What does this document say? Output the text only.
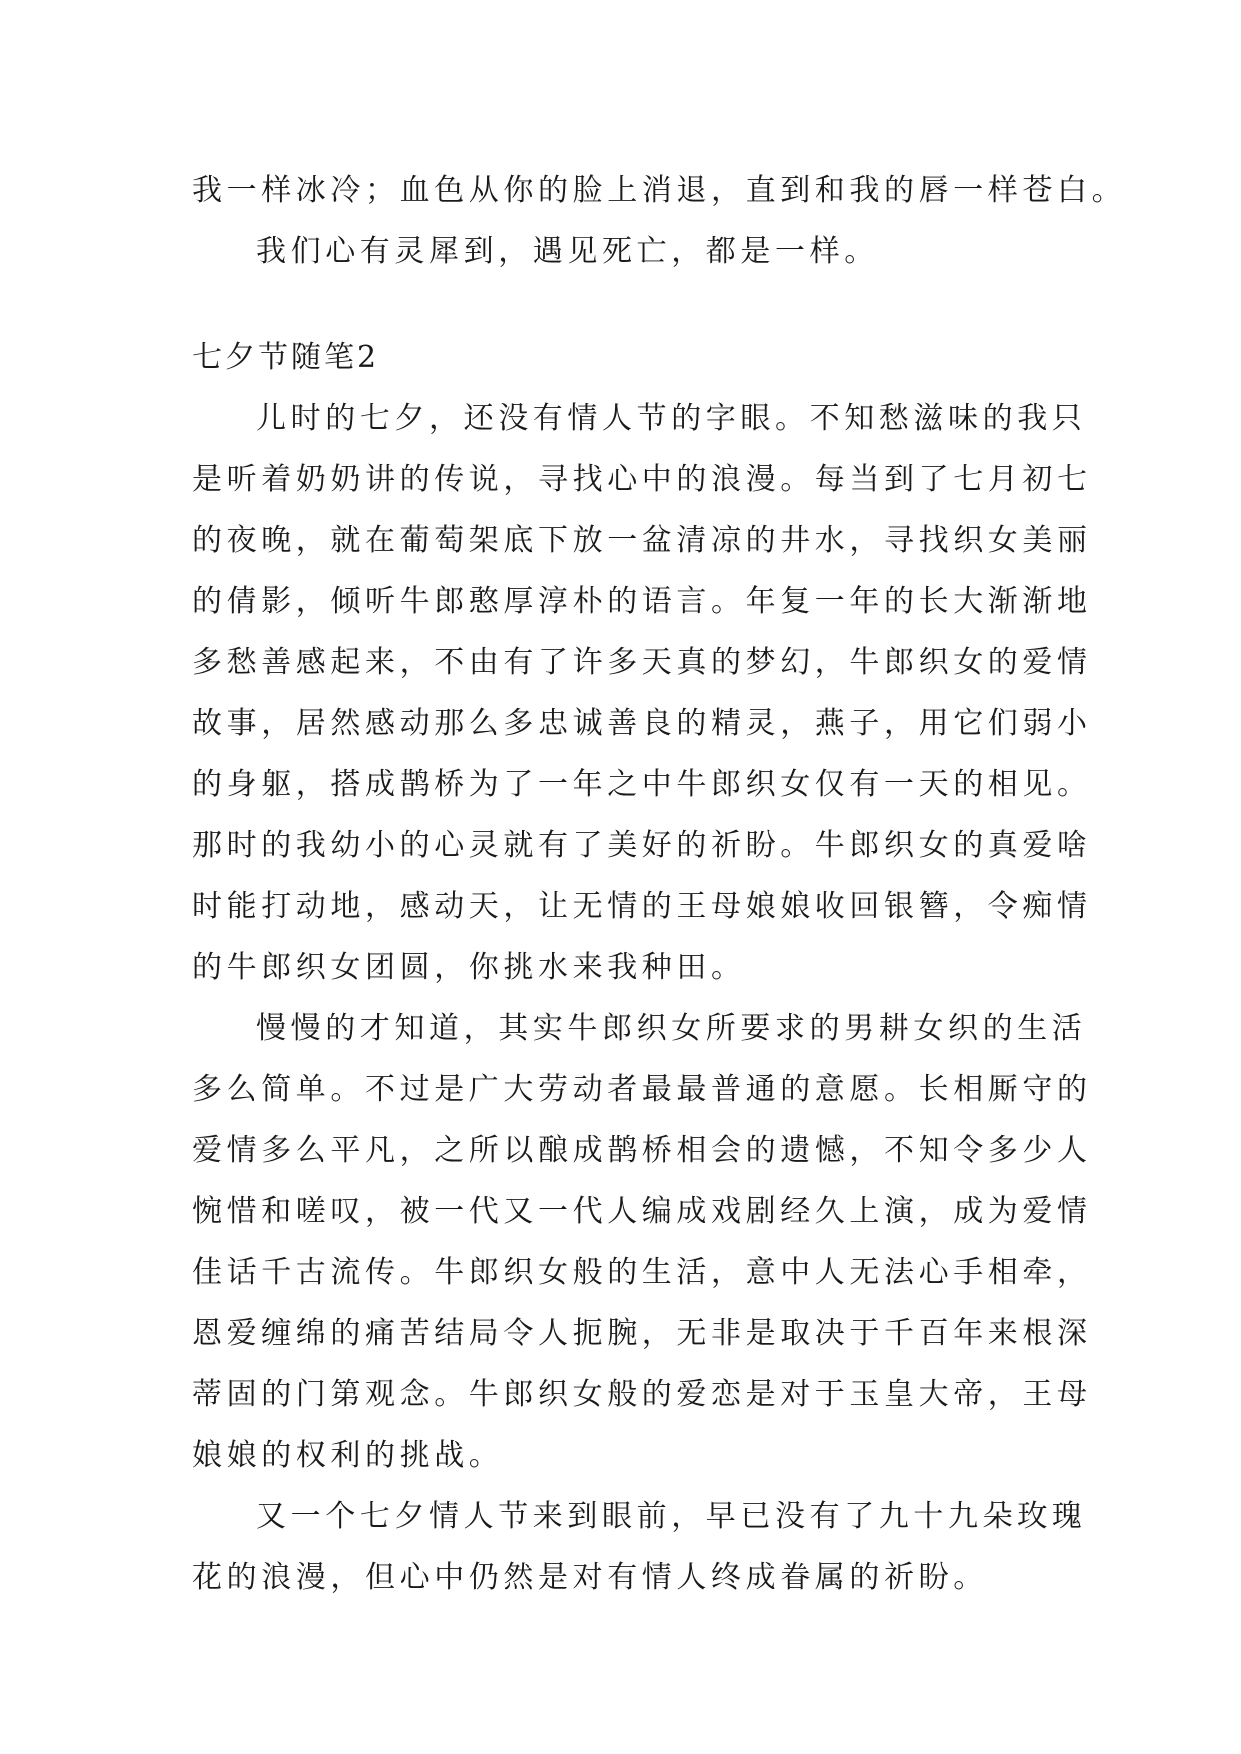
我一样冰冷；血色从你的脸上消退，直到和我的唇一样苍白。
我们心有灵犀到，遇见死亡，都是一样。
七夕节随笔2
儿时的七夕，还没有情人节的字眼。不知愁滋味的我只
是听着奶奶讲的传说，寻找心中的浪漫。每当到了七月初七
的夜晚，就在葡萄架底下放一盆清凉的井水，寻找织女美丽
的倩影，倾听牛郎憨厚淳朴的语言。年复一年的长大渐渐地
多愁善感起来，不由有了许多天真的梦幻，牛郎织女的爱情
故事，居然感动那么多忠诚善良的精灵，燕子，用它们弱小
的身躯，搭成鹊桥为了一年之中牛郎织女仅有一天的相见。
那时的我幼小的心灵就有了美好的祈盼。牛郎织女的真爱啥
时能打动地，感动天，让无情的王母娘娘收回银簪，令痴情
的牛郎织女团圆，你挑水来我种田。
慢慢的才知道，其实牛郎织女所要求的男耕女织的生活
多么简单。不过是广大劳动者最最普通的意愿。长相厮守的
爱情多么平凡，之所以酿成鹊桥相会的遗憾，不知令多少人
惋惜和嗟叹，被一代又一代人编成戏剧经久上演，成为爱情
佳话千古流传。牛郎织女般的生活，意中人无法心手相牵，
恩爱缠绵的痛苦结局令人扼腕，无非是取决于千百年来根深
蒂固的门第观念。牛郎织女般的爱恋是对于玉皇大帝，王母
娘娘的权利的挑战。
又一个七夕情人节来到眼前，早已没有了九十九朵玫瑰
花的浪漫，但心中仍然是对有情人终成眷属的祈盼。
